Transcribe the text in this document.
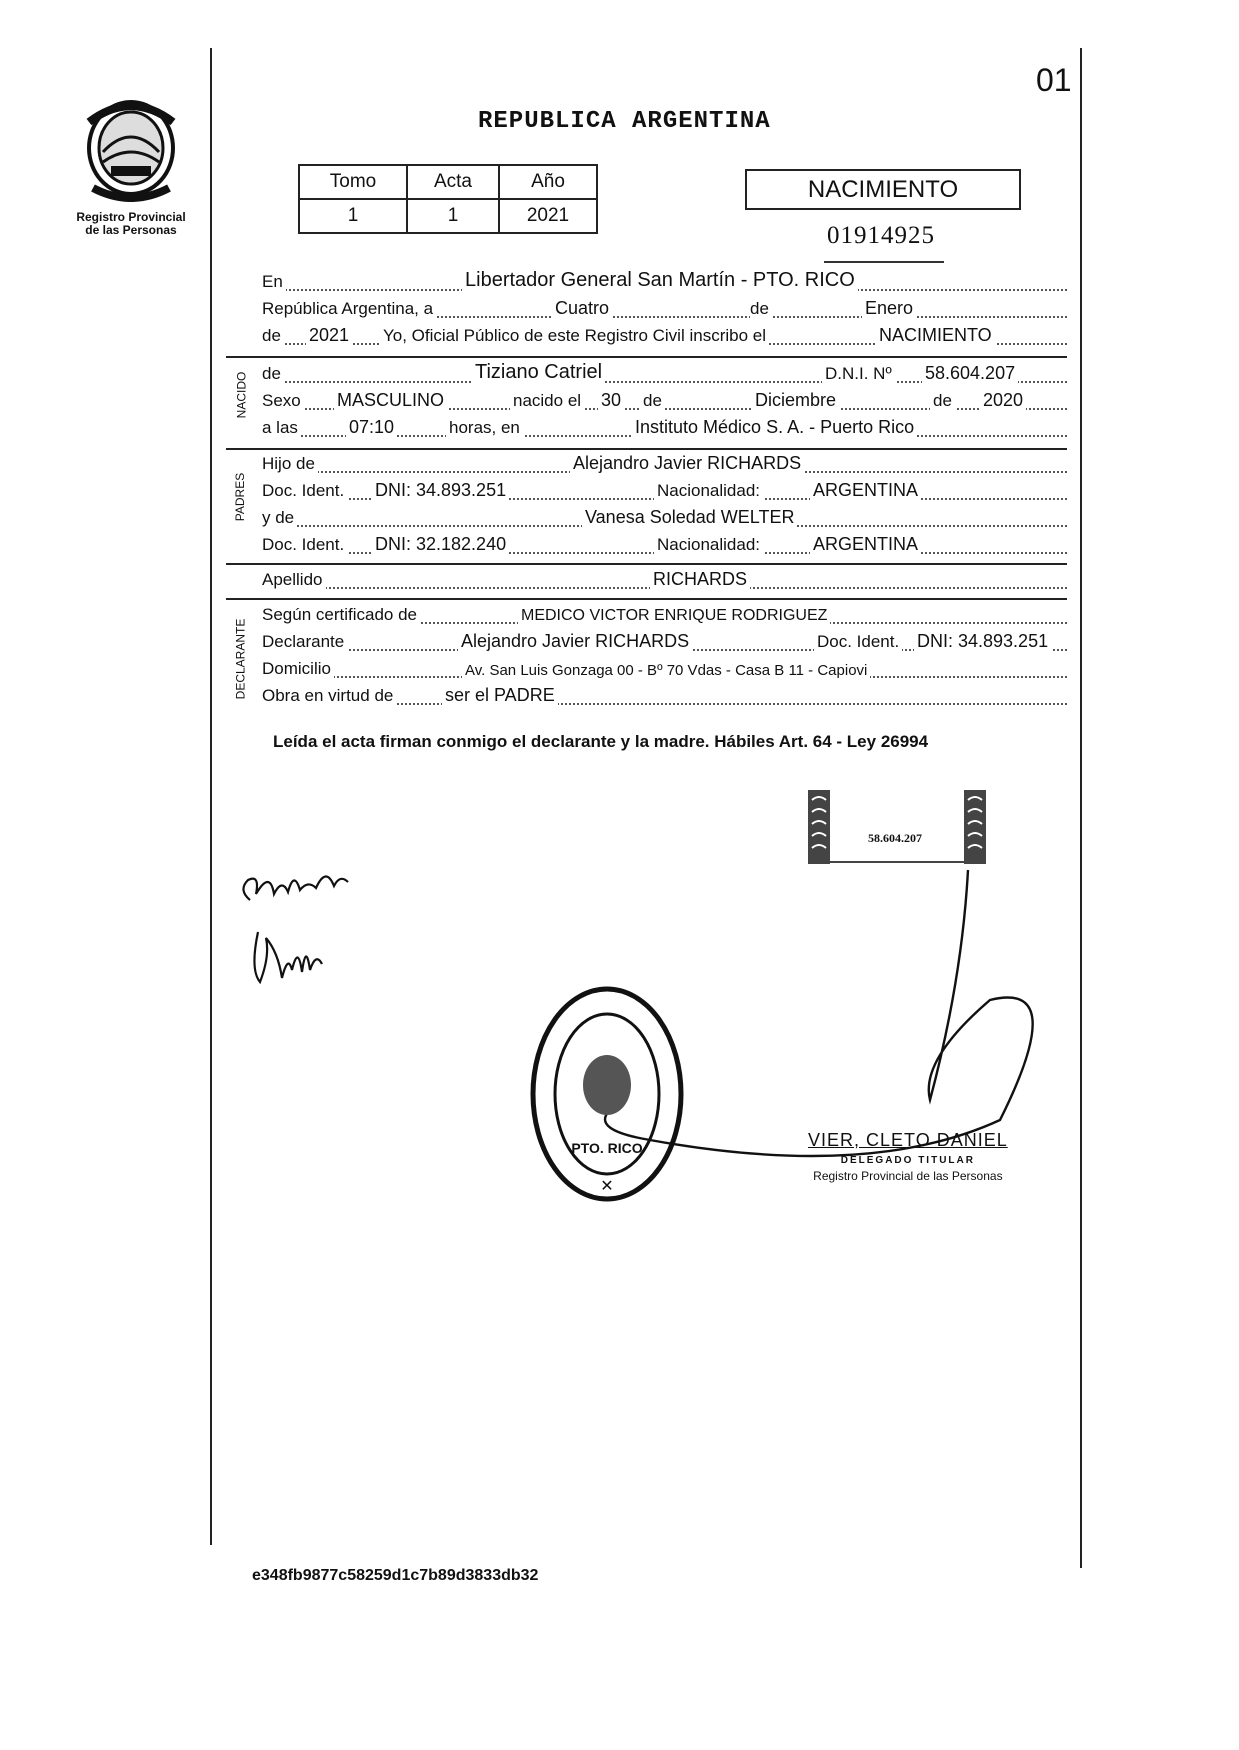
01
Registro Provincial
de las Personas
REPUBLICA ARGENTINA
Tomo	Acta	Año
1	1	2021
NACIMIENTO
01914925
En	Libertador General San Martín - PTO. RICO
República Argentina, a	Cuatro	de	Enero
de 2021 Yo, Oficial Público de este Registro Civil inscribo el	NACIMIENTO
NACIDO de	Tiziano Catriel	D.N.I. Nº 58.604.207
Sexo MASCULINO	nacido el 30 de	Diciembre	de 2020
a las	07:10	horas, en	Instituto Médico S. A. - Puerto Rico
PADRES
Hijo de	Alejandro Javier RICHARDS
Doc. Ident. DNI: 34.893.251	Nacionalidad:	ARGENTINA
y de	Vanesa Soledad WELTER
Doc. Ident. DNI: 32.182.240	Nacionalidad:	ARGENTINA
Apellido	RICHARDS
DECLARANTE
Según certificado de	MEDICO VICTOR ENRIQUE RODRIGUEZ
Declarante	Alejandro Javier RICHARDS	Doc. Ident. DNI: 34.893.251
Domicilio	Av. San Luis Gonzaga 00 - Bº 70 Vdas - Casa B 11 - Capiovi
Obra en virtud de	ser el PADRE
Leída el acta firman conmigo el declarante y la madre. Hábiles Art. 64 - Ley 26994
58.604.207
PTO. RICO
✕
VIER, CLETO DANIEL
DELEGADO TITULAR
Registro Provincial de las Personas
e348fb9877c58259d1c7b89d3833db32
